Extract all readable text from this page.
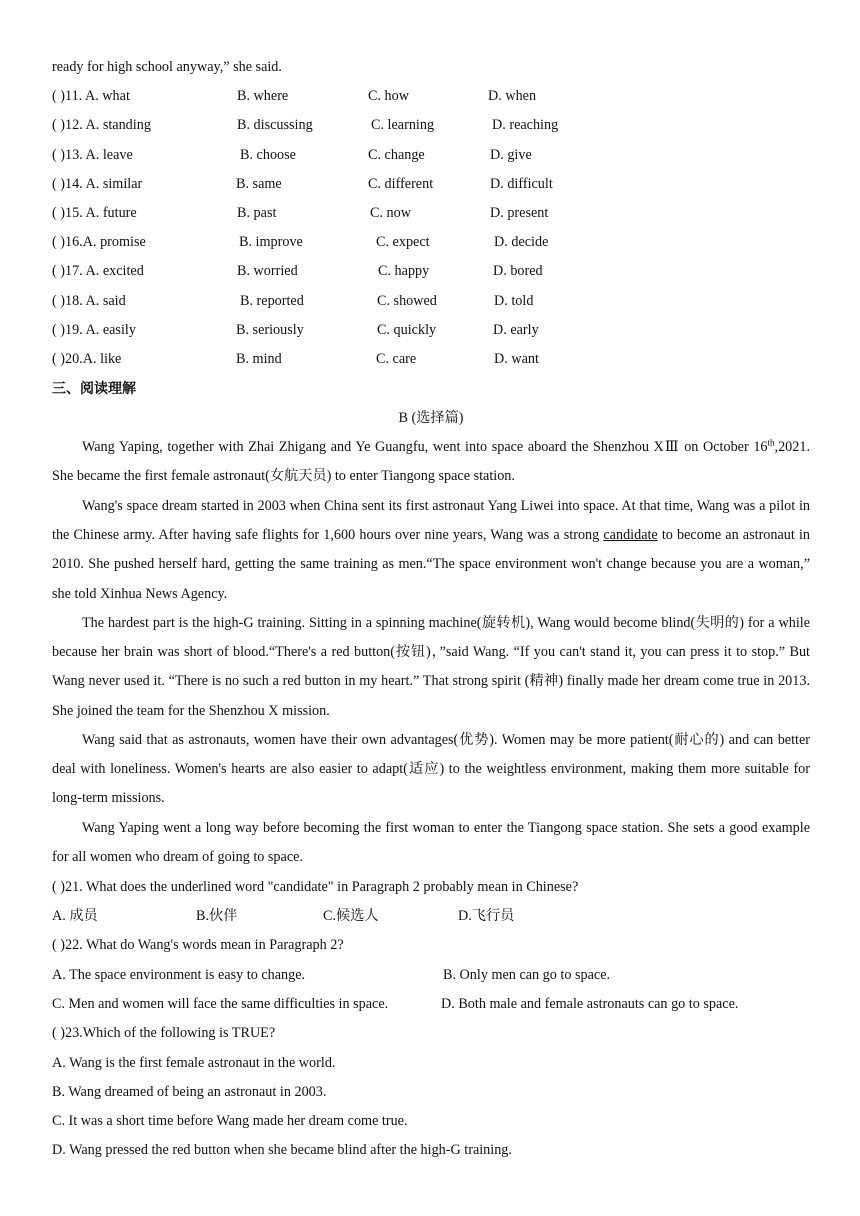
ready for high school anyway,” she said.
( )11. A. what	B. where	C. how	D. when
( )12. A. standing	B. discussing	C. learning	D. reaching
( )13. A. leave	B. choose	C. change	D. give
( )14. A. similar	B. same	C. different	D. difficult
( )15. A. future	B. past	C. now	D. present
( )16.A. promise	B. improve	C. expect	D. decide
( )17. A. excited	B. worried	C. happy	D. bored
( )18. A. said	B. reported	C. showed	D. told
( )19. A. easily	B. seriously	C. quickly	D. early
( )20.A. like	B. mind	C. care	D. want
三、阅读理解
B (选择篇)
Wang Yaping, together with Zhai Zhigang and Ye Guangfu, went into space aboard the Shenzhou XⅢ on October 16th,2021. She became the first female astronaut(女航天员) to enter Tiangong space station.
Wang's space dream started in 2003 when China sent its first astronaut Yang Liwei into space. At that time, Wang was a pilot in the Chinese army. After having safe flights for 1,600 hours over nine years, Wang was a strong candidate to become an astronaut in 2010. She pushed herself hard, getting the same training as men.“The space environment won't change because you are a woman,” she told Xinhua News Agency.
The hardest part is the high-G training. Sitting in a spinning machine(旋转机), Wang would become blind(失明的) for a while because her brain was short of blood.“There's a red button(按钮)，”said Wang. “If you can't stand it, you can press it to stop.” But Wang never used it. “There is no such a red button in my heart.” That strong spirit (精神) finally made her dream come true in 2013. She joined the team for the Shenzhou X mission.
Wang said that as astronauts, women have their own advantages(优势). Women may be more patient(耐心的) and can better deal with loneliness. Women's hearts are also easier to adapt(适应) to the weightless environment, making them more suitable for long-term missions.
Wang Yaping went a long way before becoming the first woman to enter the Tiangong space station. She sets a good example for all women who dream of going to space.
( )21. What does the underlined word "candidate" in Paragraph 2 probably mean in Chinese?
A. 成员	B.伙伴	C.候选人	D.飞行员
( )22. What do Wang's words mean in Paragraph 2?
A. The space environment is easy to change.	B. Only men can go to space.
C. Men and women will face the same difficulties in space.	D. Both male and female astronauts can go to space.
( )23.Which of the following is TRUE?
A. Wang is the first female astronaut in the world.
B. Wang dreamed of being an astronaut in 2003.
C. It was a short time before Wang made her dream come true.
D. Wang pressed the red button when she became blind after the high-G training.
